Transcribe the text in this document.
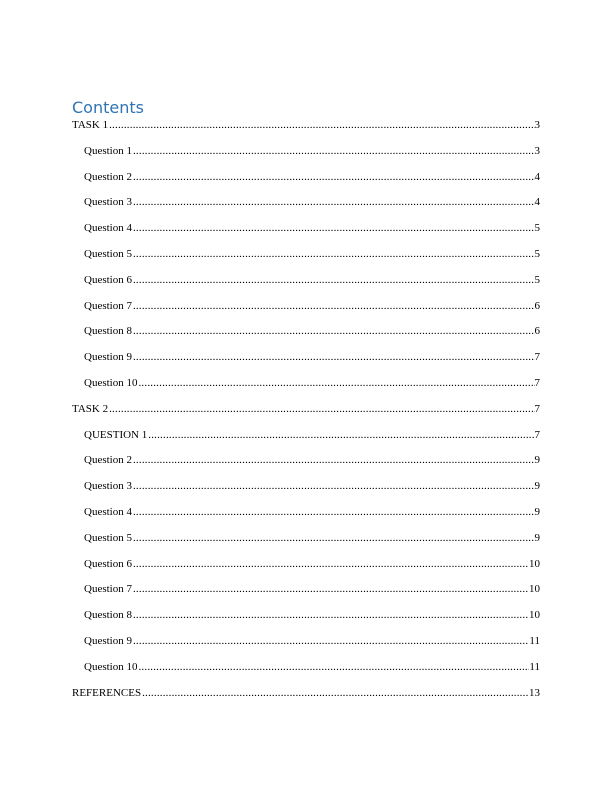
Contents
TASK 1 .....	3
Question 1 .....	3
Question 2 .....	4
Question 3 .....	4
Question 4 .....	5
Question 5 .....	5
Question 6 .....	5
Question 7 .....	6
Question 8 .....	6
Question 9 .....	7
Question 10 .....	7
TASK 2 .....	7
QUESTION 1 .....	7
Question 2 .....	9
Question 3 .....	9
Question 4 .....	9
Question 5 .....	9
Question 6 .....	10
Question 7 .....	10
Question 8 .....	10
Question 9 .....	11
Question 10 .....	11
REFERENCES .....	13
